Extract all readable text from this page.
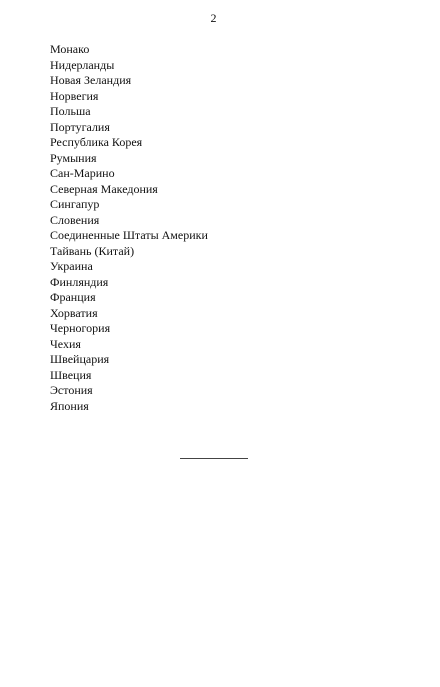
2
Монако
Нидерланды
Новая Зеландия
Норвегия
Польша
Португалия
Республика Корея
Румыния
Сан-Марино
Северная Македония
Сингапур
Словения
Соединенные Штаты Америки
Тайвань (Китай)
Украина
Финляндия
Франция
Хорватия
Черногория
Чехия
Швейцария
Швеция
Эстония
Япония
